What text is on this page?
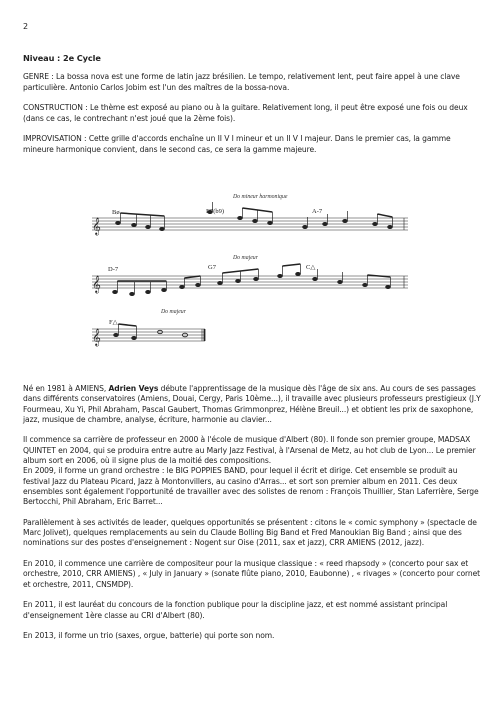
2

Niveau : 2e Cycle

GENRE : La bossa nova est une forme de latin jazz brésilien. Le tempo, relativement lent, peut faire appel à une clave particulière. Antonio Carlos Jobim est l'un des maîtres de la bossa-nova.

CONSTRUCTION : Le thème est exposé au piano ou à la guitare. Relativement long, il peut être exposé une fois ou deux (dans ce cas, le contrechant n'est joué que la 2ème fois).

IMPROVISATION : Cette grille d'accords enchaîne un II V I mineur et un II V I majeur. Dans le premier cas, la gamme mineure harmonique convient, dans le second cas, ce sera la gamme majeure.

𝄞
𝄞
𝄞
Do mineur harmonique
Do majeur
Do majeur
Bø	E7(b9)	A-7
D-7	G7	C△
F△

Né en 1981 à AMIENS, Adrien Veys débute l'apprentissage de la musique dès l'âge de six ans. Au cours de ses passages dans différents conservatoires (Amiens, Douai, Cergy, Paris 10ème...), il travaille avec plusieurs professeurs prestigieux (J.Y Fourmeau, Xu Yi, Phil Abraham, Pascal Gaubert, Thomas Grimmonprez, Hélène Breuil...) et obtient les prix de saxophone, jazz, musique de chambre, analyse, écriture, harmonie au clavier...

Il commence sa carrière de professeur en 2000 à l'école de musique d'Albert (80). Il fonde son premier groupe, MADSAX QUINTET en 2004, qui se produira entre autre au Marly Jazz Festival, à l'Arsenal de Metz, au hot club de Lyon... Le premier album sort en 2006, où il signe plus de la moitié des compositions.

En 2009, il forme un grand orchestre : le BIG POPPIES BAND, pour lequel il écrit et dirige. Cet ensemble se produit au festival Jazz du Plateau Picard, Jazz à Montonvillers, au casino d'Arras... et sort son premier album en 2011. Ces deux ensembles sont également l'opportunité de travailler avec des solistes de renom : François Thuillier, Stan Laferrière, Serge Bertocchi, Phil Abraham, Eric Barret...

Parallèlement à ses activités de leader, quelques opportunités se présentent : citons le « comic symphony » (spectacle de Marc Jolivet), quelques remplacements au sein du Claude Bolling Big Band et Fred Manoukian Big Band ; ainsi que des nominations sur des postes d'enseignement : Nogent sur Oise (2011, sax et jazz), CRR AMIENS (2012, jazz).

En 2010, il commence une carrière de compositeur pour la musique classique : « reed rhapsody » (concerto pour sax et orchestre, 2010, CRR AMIENS) , « July in January » (sonate flûte piano, 2010, Eaubonne) , « rivages » (concerto pour cornet et orchestre, 2011, CNSMDP).

En 2011, il est lauréat du concours de la fonction publique pour la discipline jazz, et est nommé assistant principal d'enseignement 1ère classe au CRI d'Albert (80).

En 2013, il forme un trio (saxes, orgue, batterie) qui porte son nom.
